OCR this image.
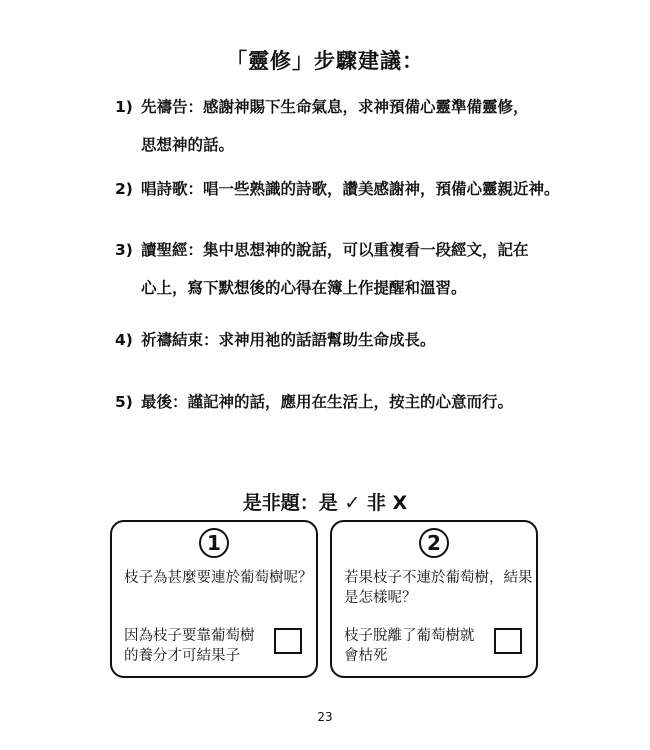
「靈修」步驟建議：
1) 先禱告：感謝神賜下生命氣息，求神預備心靈準備靈修，
思想神的話。
2) 唱詩歌：唱一些熟識的詩歌，讚美感謝神，預備心靈親近神。
3) 讀聖經：集中思想神的說話，可以重複看一段經文，記在
心上，寫下默想後的心得在簿上作提醒和溫習。
4) 祈禱結束：求神用祂的話語幫助生命成長。
5) 最後：謹記神的話，應用在生活上，按主的心意而行。
是非題：是 ✓ 非 X
1
枝子為甚麼要連於葡萄樹呢？
因為枝子要靠葡萄樹的養分才可結果子
2
若果枝子不連於葡萄樹，結果是怎樣呢？
枝子脫離了葡萄樹就會枯死
23
